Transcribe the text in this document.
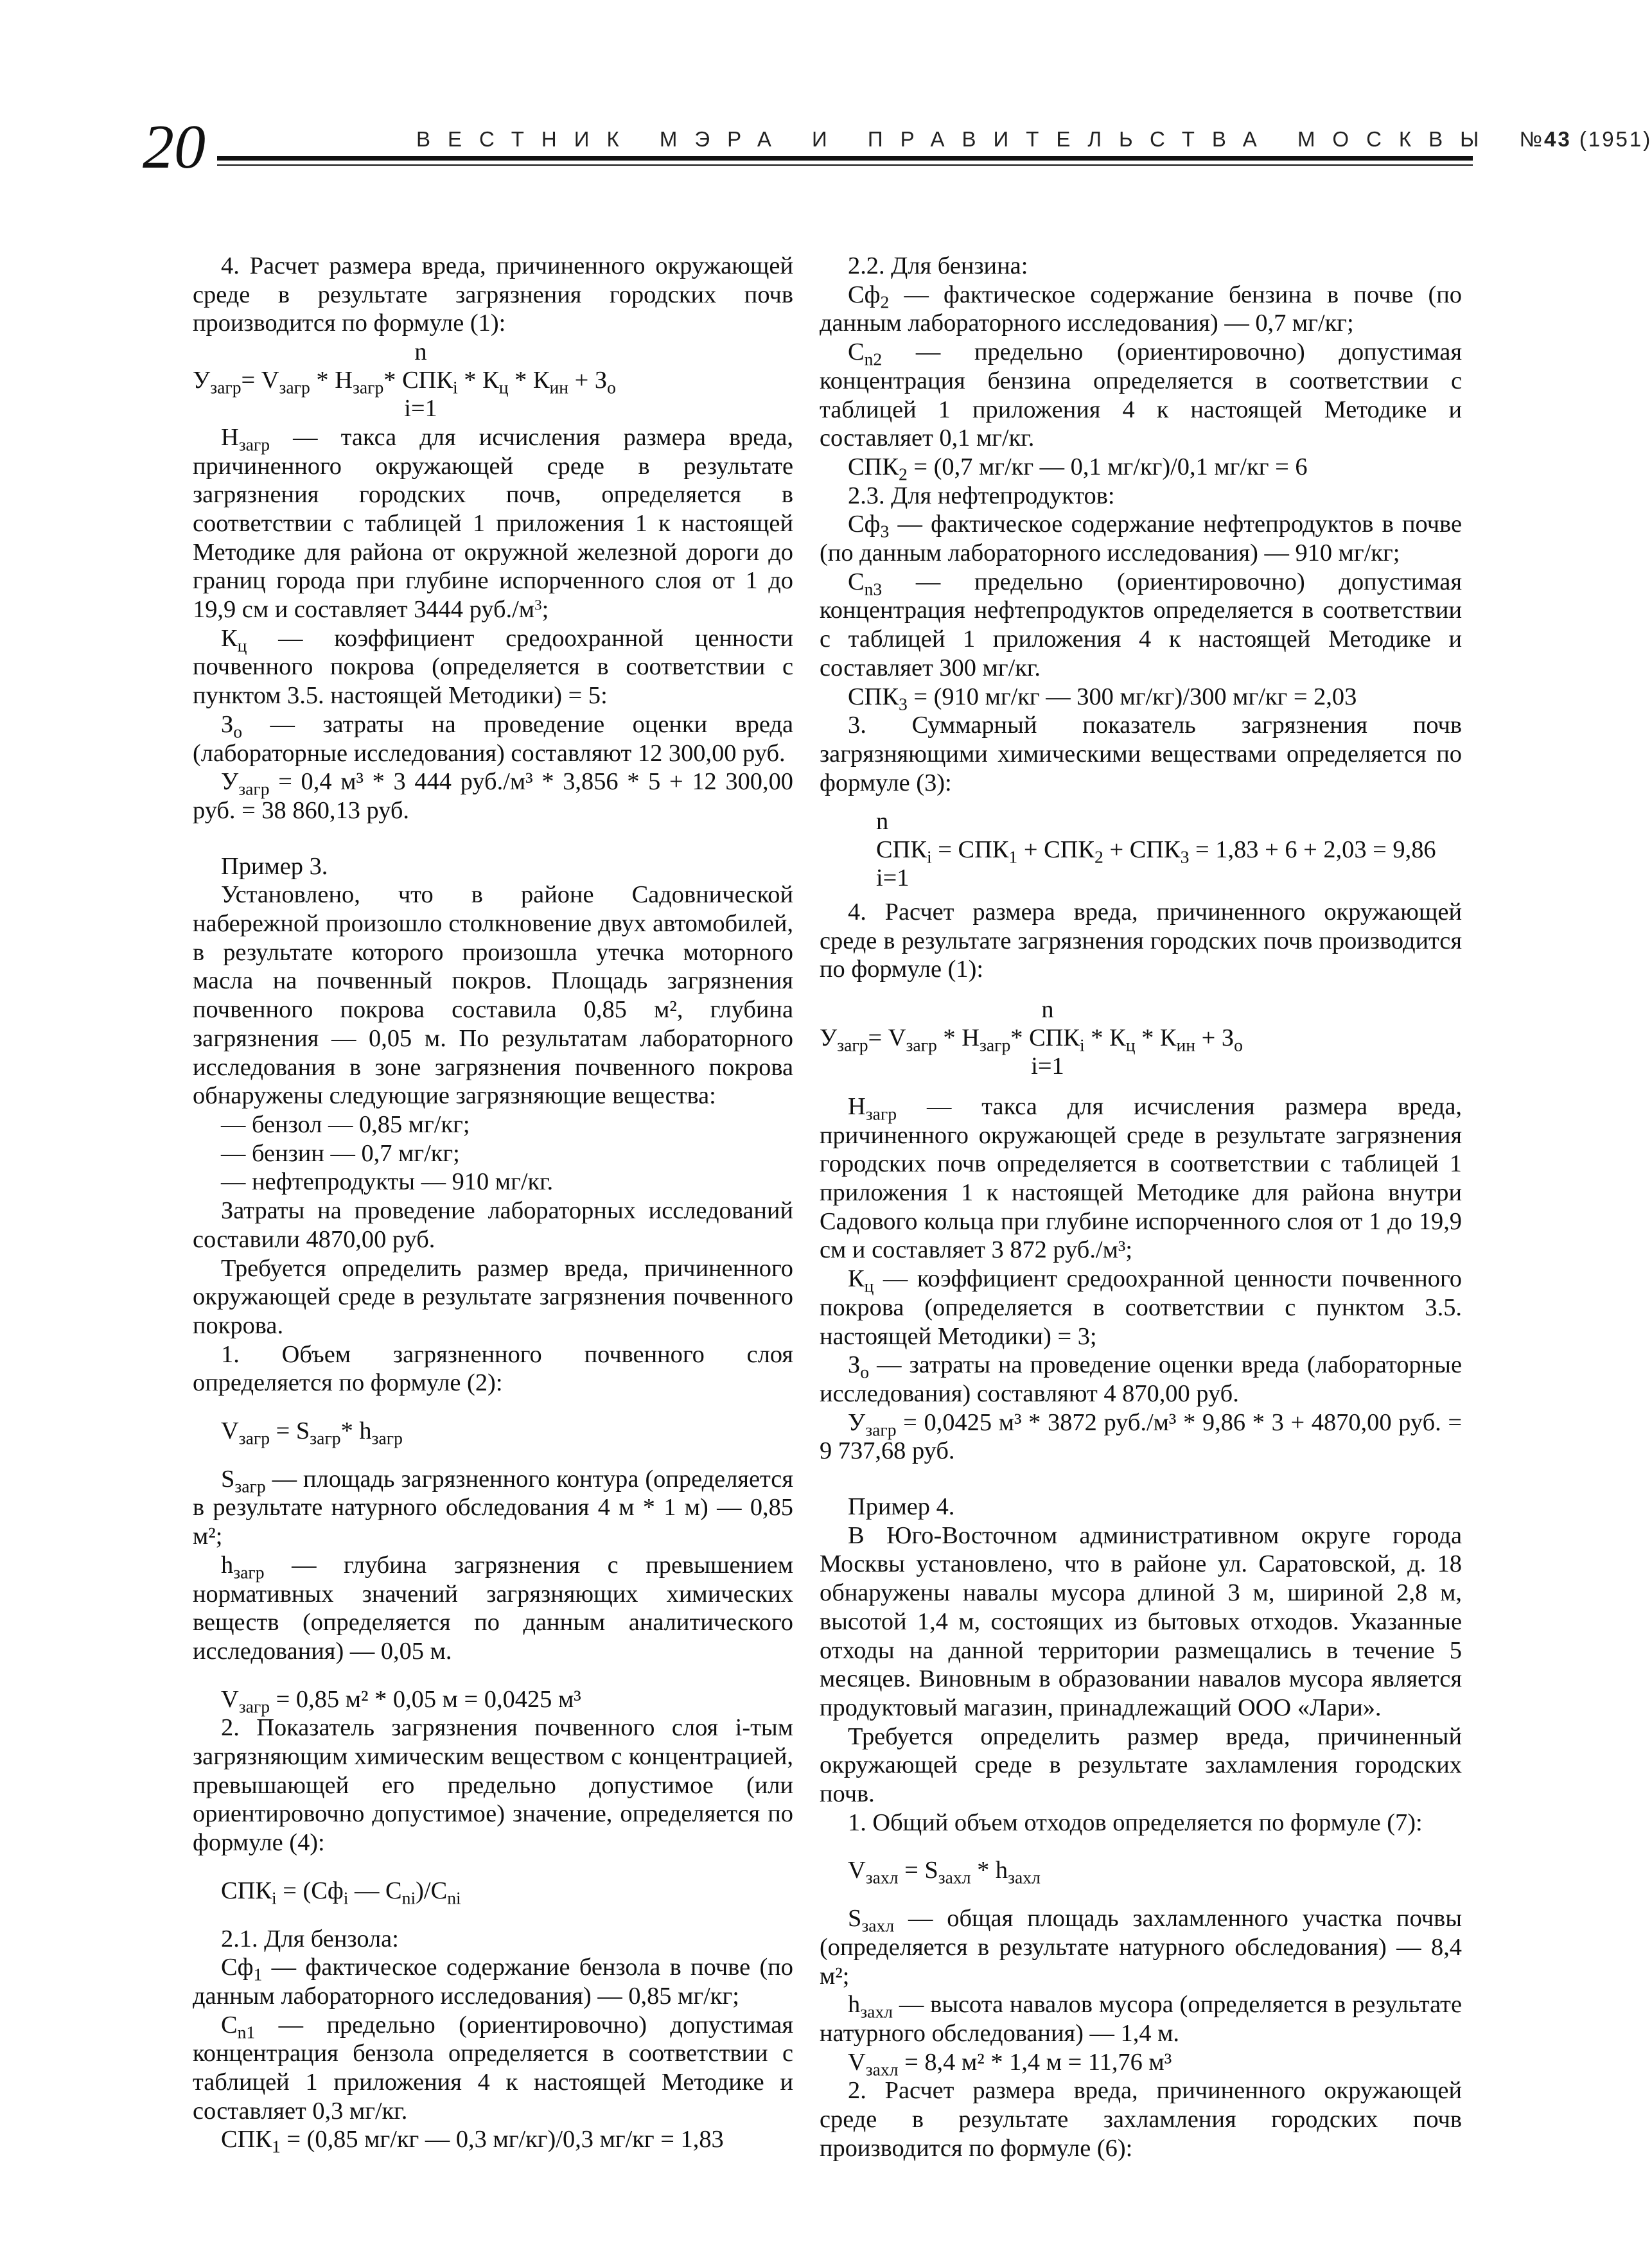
20	ВЕСТНИК МЭРА И ПРАВИТЕЛЬСТВА МОСКВЫ №43 (1951)

4. Расчет размера вреда, причиненного окружающей среде в результате загрязнения городских почв производится по формуле (1):

$У_{загр}= V_{загр} * Н_{загр}*$ $СПК_i$
n
i=1
* $К_ц * К_{ин} + З_о$

$Н_{загр}$ — такса для исчисления размера вреда, причиненного окружающей среде в результате загрязнения городских почв, определяется в соответствии с таблицей 1 приложения 1 к настоящей Методике для района от окружной железной дороги до границ города при глубине испорченного слоя от 1 до 19,9 см и составляет 3444 $руб./м^3$;

$К_ц$ — коэффициент средоохранной ценности почвенного покрова (определяется в соответствии с пунктом 3.5. настоящей Методики) = 5:

$З_о$ — затраты на проведение оценки вреда (лабораторные исследования) составляют 12 300,00 руб.

$У_{загр} = 0,4$ м³ * 3 444 руб./м³ * 3,856 * 5 + 12 300,00 руб. = 38 860,13 руб.

Пример 3.

Установлено, что в районе Садовнической набережной произошло столкновение двух автомобилей, в результате которого произошла утечка моторного масла на почвенный покров. Площадь загрязнения почвенного покрова составила 0,85 м², глубина загрязнения — 0,05 м. По результатам лабораторного исследования в зоне загрязнения почвенного покрова обнаружены следующие загрязняющие вещества:

— бензол — 0,85 мг/кг;

— бензин — 0,7 мг/кг;

— нефтепродукты — 910 мг/кг.

Затраты на проведение лабораторных исследований составили 4870,00 руб.

Требуется определить размер вреда, причиненного окружающей среде в результате загрязнения почвенного покрова.

1. Объем загрязненного почвенного слоя определяется по формуле (2):

$V_{загр} = S_{загр}*$ $h_{загр}$

$S_{загр}$ — площадь загрязненного контура (определяется в результате натурного обследования 4 м * 1 м) — 0,85 м²;

$h_{загр}$ — глубина загрязнения с превышением нормативных значений загрязняющих химических веществ (определяется по данным аналитического исследования) — 0,05 м.

$V_{загр} = 0,85$ м² * 0,05 м = 0,0425 м³

2. Показатель загрязнения почвенного слоя i-тым загрязняющим химическим веществом с концентрацией, превышающей его предельно допустимое (или ориентировочно допустимое) значение, определяется по формуле (4):

$СПК_i = (Сф_i$ — $С_{ni})/С_{ni}$

2.1. Для бензола:

$Сф_1$ — фактическое содержание бензола в почве (по данным лабораторного исследования) — 0,85 мг/кг;

$С_{n1}$ — предельно (ориентировочно) допустимая концентрация бензола определяется в соответствии с таблицей 1 приложения 4 к настоящей Методике и составляет 0,3 мг/кг.

$СПК_1 = (0,85$ мг/кг — 0,3 мг/кг)/0,3 мг/кг = 1,83

2.2. Для бензина:

$Сф_2$ — фактическое содержание бензина в почве (по данным лабораторного исследования) — 0,7 мг/кг;

$С_{n2}$ — предельно (ориентировочно) допустимая концентрация бензина определяется в соответствии с таблицей 1 приложения 4 к настоящей Методике и составляет 0,1 мг/кг.

$СПК_2 = (0,7$ мг/кг — 0,1 мг/кг)/0,1 мг/кг = 6

2.3. Для нефтепродуктов:

$Сф_3$ — фактическое содержание нефтепродуктов в почве (по данным лабораторного исследования) — 910 мг/кг;

$С_{n3}$ — предельно (ориентировочно) допустимая концентрация нефтепродуктов определяется в соответствии с таблицей 1 приложения 4 к настоящей Методике и составляет 300 мг/кг.

$СПК_3 = (910$ мг/кг — 300 мг/кг)/300 мг/кг = 2,03

3. Суммарный показатель загрязнения почв загрязняющими химическими веществами определяется по формуле (3):

$СПК_i$
n
i=1
= $СПК_1 + СПК_2 + СПК_3 = 1,83 + 6 + 2,03 = 9,86$

4. Расчет размера вреда, причиненного окружающей среде в результате загрязнения городских почв производится по формуле (1):

$У_{загр}= V_{загр} * Н_{загр}*$ $СПК_i$
n
i=1
* $К_ц * К_{ин} + З_о$

$Н_{загр}$ — такса для исчисления размера вреда, причиненного окружающей среде в результате загрязнения городских почв определяется в соответствии с таблицей 1 приложения 1 к настоящей Методике для района внутри Садового кольца при глубине испорченного слоя от 1 до 19,9 см и составляет 3 872 руб./м³;

$К_ц$ — коэффициент средоохранной ценности почвенного покрова (определяется в соответствии с пунктом 3.5. настоящей Методики) = 3;

$З_о$ — затраты на проведение оценки вреда (лабораторные исследования) составляют 4 870,00 руб.

$У_{загр} = 0,0425$ м³ * 3872 руб./м³ * 9,86 * 3 + 4870,00 руб. = 9 737,68 руб.

Пример 4.

В Юго-Восточном административном округе города Москвы установлено, что в районе ул. Саратовской, д. 18 обнаружены навалы мусора длиной 3 м, шириной 2,8 м, высотой 1,4 м, состоящих из бытовых отходов. Указанные отходы на данной территории размещались в течение 5 месяцев. Виновным в образовании навалов мусора является продуктовый магазин, принадлежащий ООО «Лари».

Требуется определить размер вреда, причиненный окружающей среде в результате захламления городских почв.

1. Общий объем отходов определяется по формуле (7):

$V_{захл} = S_{захл} * h_{захл}$

$S_{захл}$ — общая площадь захламленного участка почвы (определяется в результате натурного обследования) — 8,4 м²;

$h_{захл}$ — высота навалов мусора (определяется в результате натурного обследования) — 1,4 м.

$V_{захл} = 8,4$ м² * 1,4 м = 11,76 м³

2. Расчет размера вреда, причиненного окружающей среде в результате захламления городских почв производится по формуле (6):
